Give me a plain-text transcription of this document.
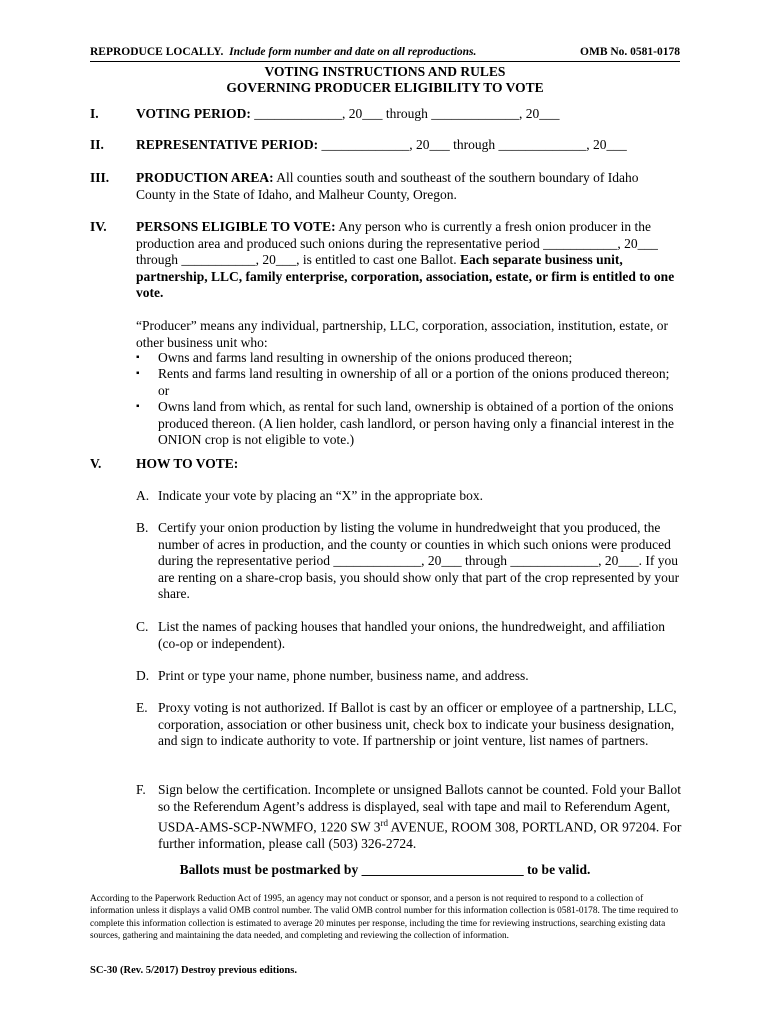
REPRODUCE LOCALLY. Include form number and date on all reproductions.	OMB No. 0581-0178
VOTING INSTRUCTIONS AND RULES
GOVERNING PRODUCER ELIGIBILITY TO VOTE
I.	VOTING PERIOD: _____________, 20___ through _____________, 20___
II. REPRESENTATIVE PERIOD: _____________, 20___ through _____________, 20___
III. PRODUCTION AREA: All counties south and southeast of the southern boundary of Idaho County in the State of Idaho, and Malheur County, Oregon.
IV. PERSONS ELIGIBLE TO VOTE: Any person who is currently a fresh onion producer in the production area and produced such onions during the representative period ___________, 20___ through ___________, 20___, is entitled to cast one Ballot. Each separate business unit, partnership, LLC, family enterprise, corporation, association, estate, or firm is entitled to one vote.
“Producer” means any individual, partnership, LLC, corporation, association, institution, estate, or other business unit who:
▪ Owns and farms land resulting in ownership of the onions produced thereon;
▪ Rents and farms land resulting in ownership of all or a portion of the onions produced thereon; or
▪ Owns land from which, as rental for such land, ownership is obtained of a portion of the onions produced thereon. (A lien holder, cash landlord, or person having only a financial interest in the ONION crop is not eligible to vote.)
V.	HOW TO VOTE:
A. Indicate your vote by placing an “X” in the appropriate box.
B. Certify your onion production by listing the volume in hundredweight that you produced, the number of acres in production, and the county or counties in which such onions were produced during the representative period _____________, 20___ through _____________, 20___. If you are renting on a share-crop basis, you should show only that part of the crop represented by your share.
C. List the names of packing houses that handled your onions, the hundredweight, and affiliation (co-op or independent).
D. Print or type your name, phone number, business name, and address.
E. Proxy voting is not authorized. If Ballot is cast by an officer or employee of a partnership, LLC, corporation, association or other business unit, check box to indicate your business designation, and sign to indicate authority to vote. If partnership or joint venture, list names of partners.
F. Sign below the certification. Incomplete or unsigned Ballots cannot be counted. Fold your Ballot so the Referendum Agent’s address is displayed, seal with tape and mail to Referendum Agent, USDA-AMS-SCP-NWMFO, 1220 SW 3rd AVENUE, ROOM 308, PORTLAND, OR 97204. For further information, please call (503) 326-2724.
Ballots must be postmarked by ________________________ to be valid.
According to the Paperwork Reduction Act of 1995, an agency may not conduct or sponsor, and a person is not required to respond to a collection of information unless it displays a valid OMB control number. The valid OMB control number for this information collection is 0581-0178. The time required to complete this information collection is estimated to average 20 minutes per response, including the time for reviewing instructions, searching existing data sources, gathering and maintaining the data needed, and completing and reviewing the collection of information.
SC-30 (Rev. 5/2017) Destroy previous editions.
